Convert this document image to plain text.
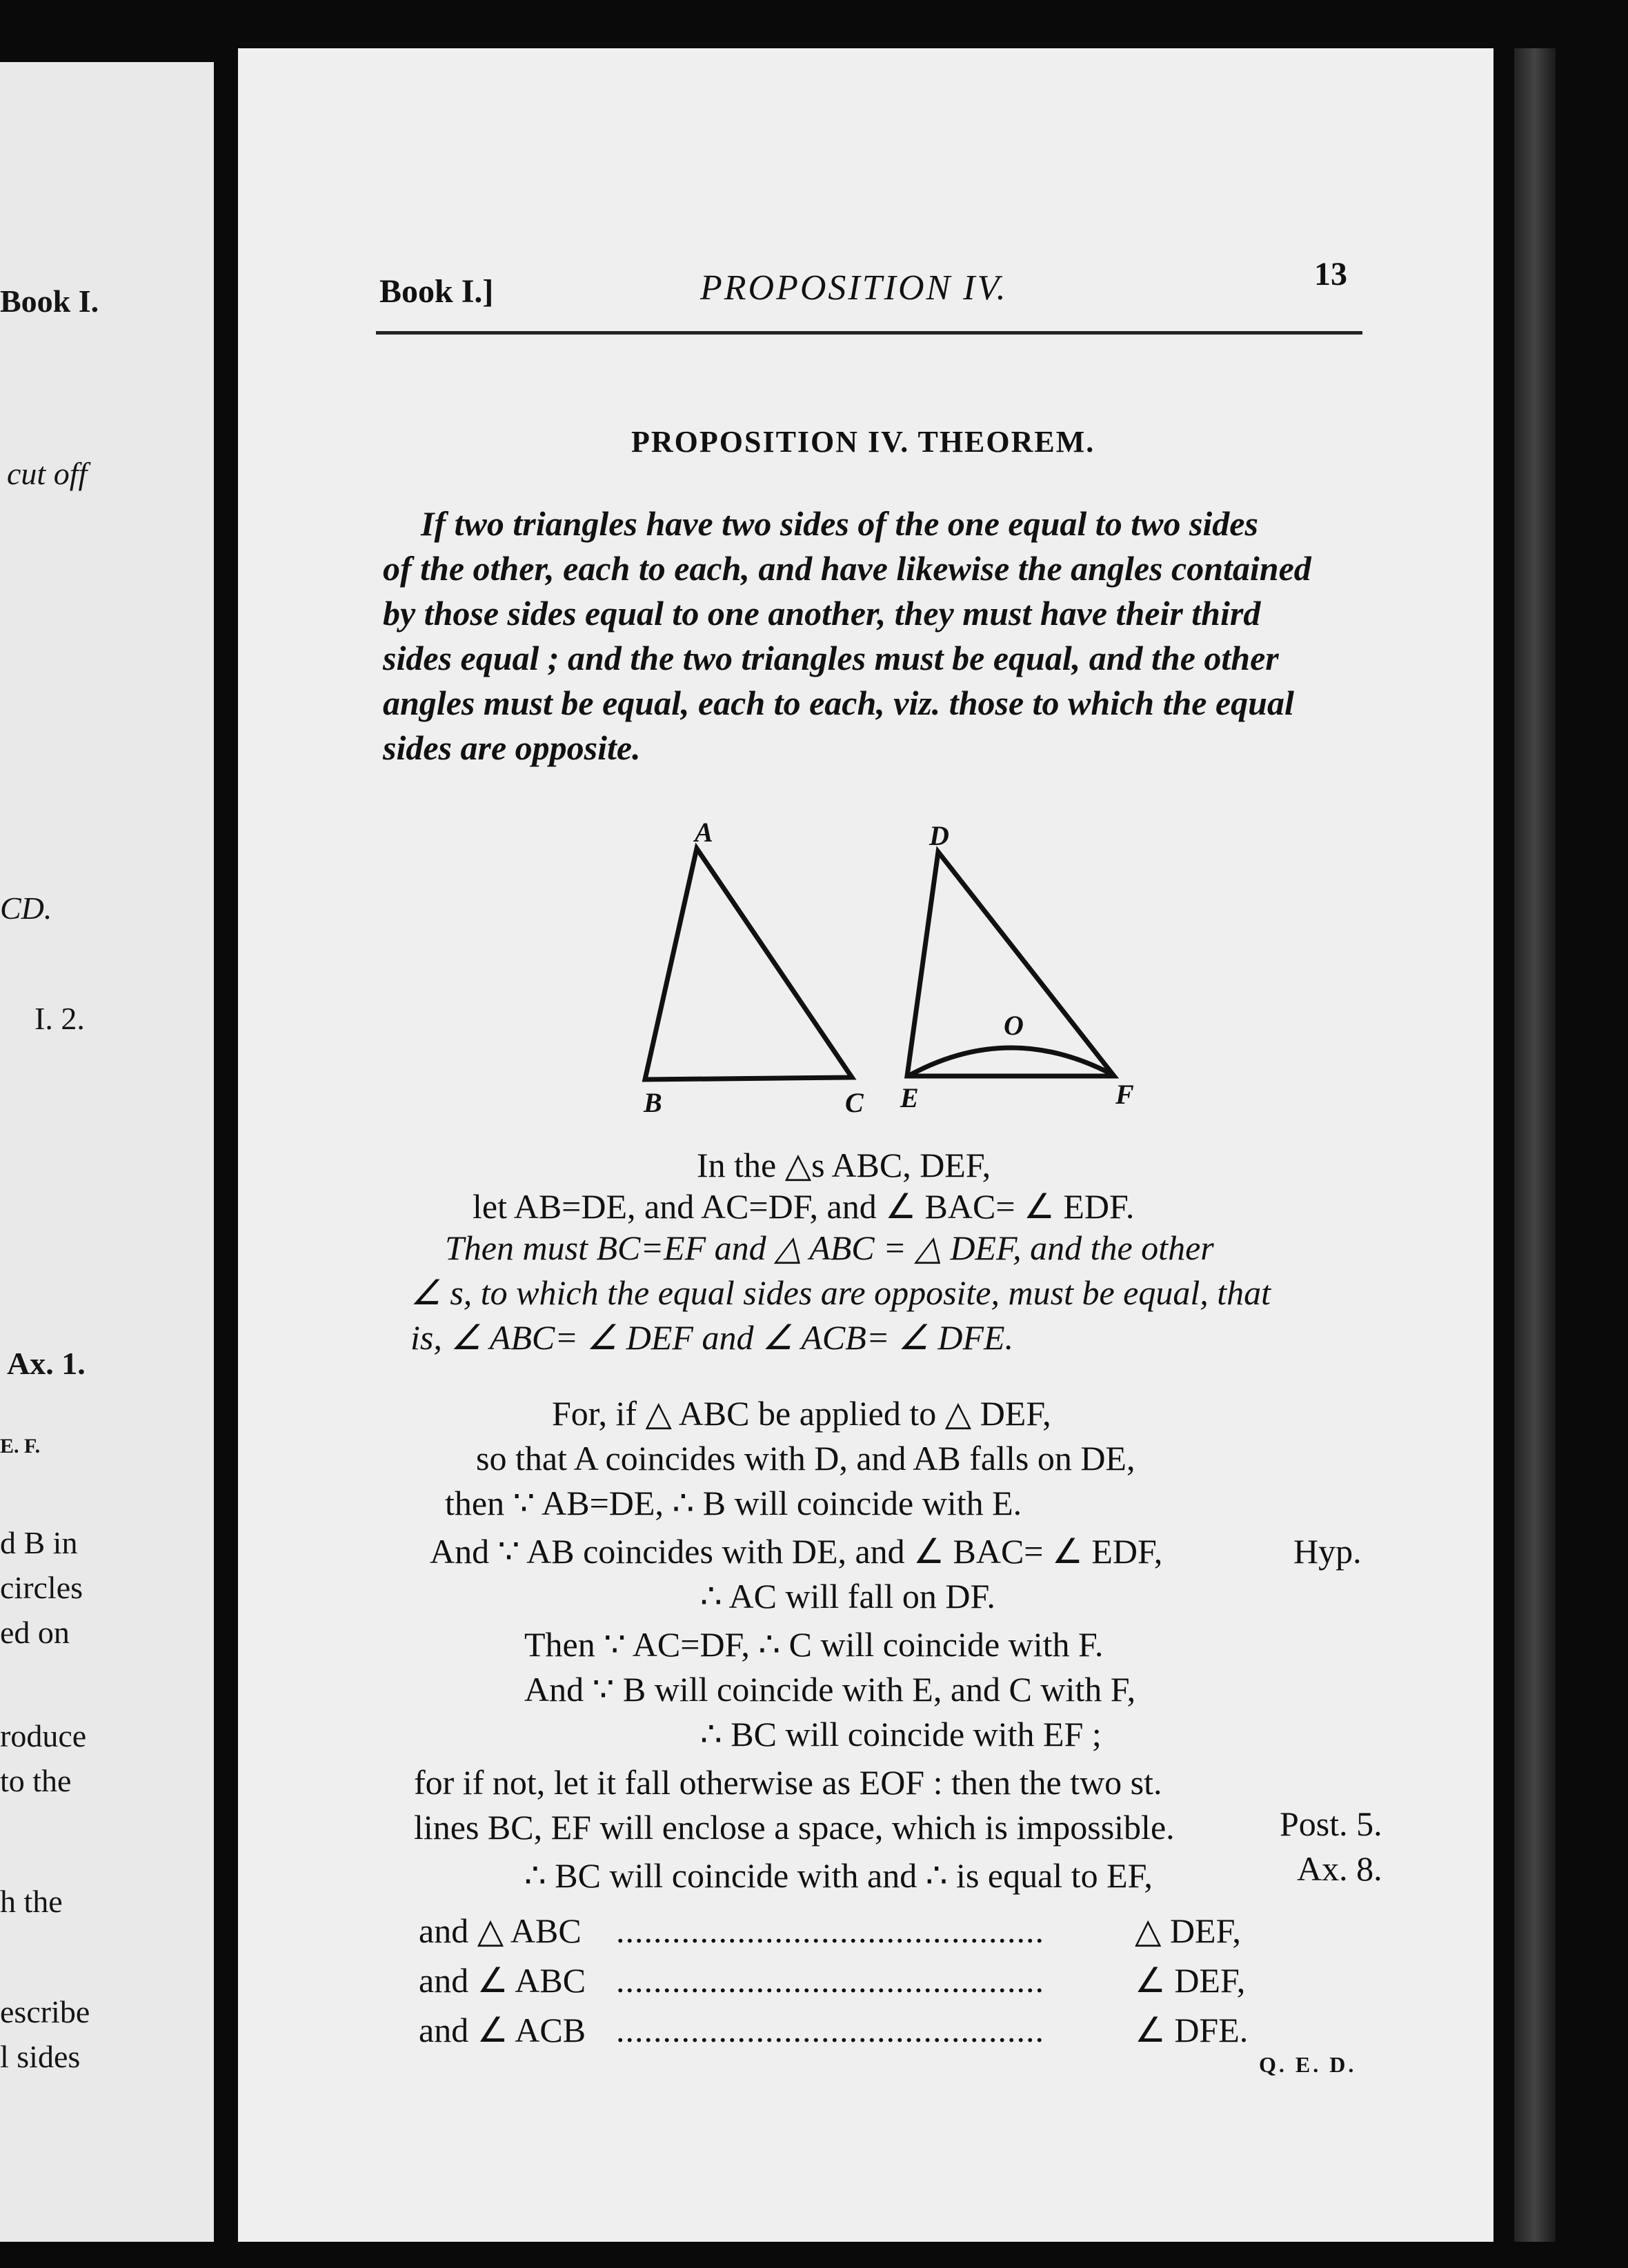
Book I.
cut off
CD.
I. 2.
Ax. 1.
E. F.
d B in
circles
ed on
roduce
to the
h the
escribe
l sides
Book I.]	PROPOSITION IV.	13
PROPOSITION IV. THEOREM.
If two triangles have two sides of the one equal to two sides
of the other, each to each, and have likewise the angles contained
by those sides equal to one another, they must have their third
sides equal ; and the two triangles must be equal, and the other
angles must be equal, each to each, viz. those to which the equal
sides are opposite.
A
B	C
D
E	F
O
In the △s ABC, DEF,
let AB=DE, and AC=DF, and ∠ BAC= ∠ EDF.
Then must BC=EF and △ ABC = △ DEF, and the other
∠ s, to which the equal sides are opposite, must be equal, that
is, ∠ ABC= ∠ DEF and ∠ ACB= ∠ DFE.
For, if △ ABC be applied to △ DEF,
so that A coincides with D, and AB falls on DE,
then ∵ AB=DE, ∴ B will coincide with E.
And ∵ AB coincides with DE, and ∠ BAC= ∠ EDF,	Hyp.
∴ AC will fall on DF.
Then ∵ AC=DF, ∴ C will coincide with F.
And ∵ B will coincide with E, and C with F,
∴ BC will coincide with EF ;
for if not, let it fall otherwise as EOF : then the two st.
lines BC, EF will enclose a space, which is impossible.	Post. 5.
∴ BC will coincide with and ∴ is equal to EF,	Ax. 8.
and △ ABC ..............................................	△ DEF,
and ∠ ABC ..............................................	∠ DEF,
and ∠ ACB ..............................................	∠ DFE.
Q. E. D.
